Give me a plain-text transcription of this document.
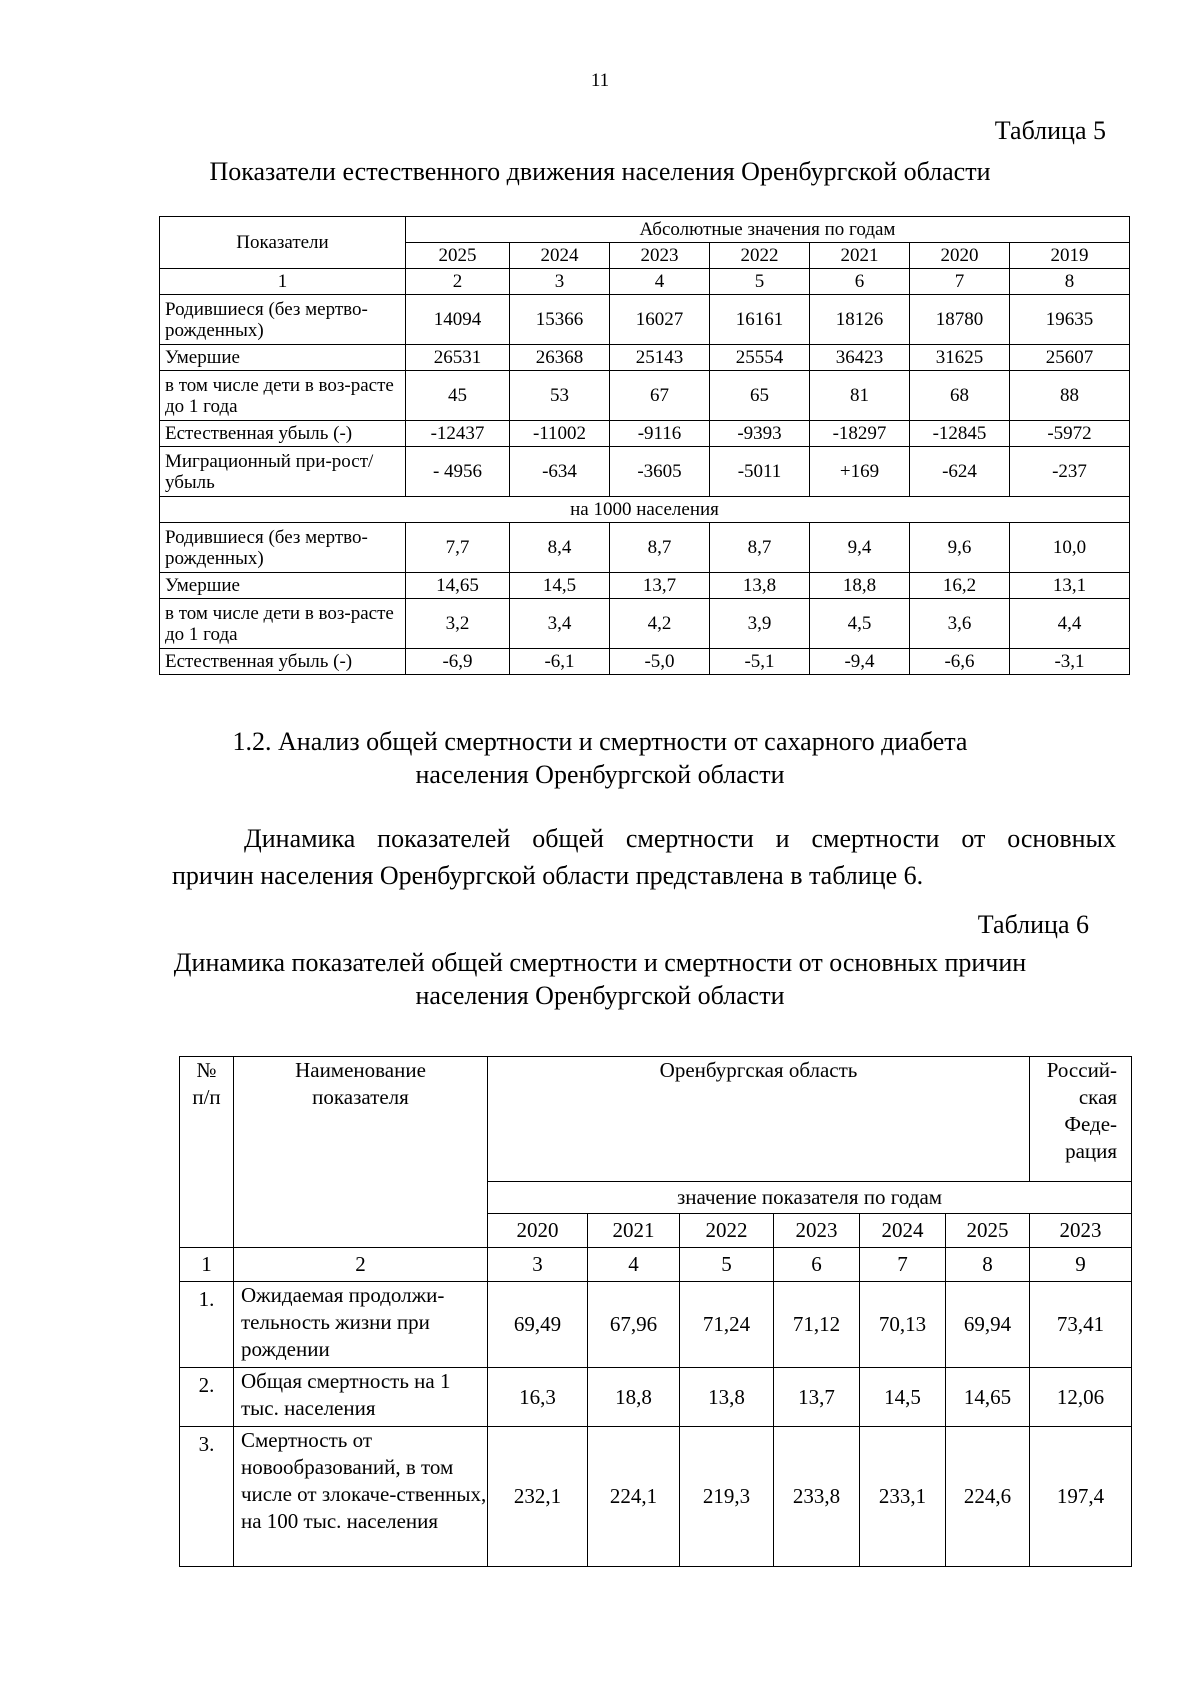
11
Таблица 5
Показатели естественного движения населения Оренбургской области
Показатели	Абсолютные значения по годам						
	2025	2024	2023	2022	2021	2020	2019
1	2	3	4	5	6	7	8
Родившиеся (без мертво-рожденных)	14094	15366	16027	16161	18126	18780	19635
Умершие	26531	26368	25143	25554	36423	31625	25607
в том числе дети в воз-расте до 1 года	45	53	67	65	81	68	88
Естественная убыль (-)	-12437	-11002	-9116	-9393	-18297	-12845	-5972
Миграционный при-рост/убыль	- 4956	-634	-3605	-5011	+169	-624	-237
на 1000 населения							
Родившиеся (без мертво-рожденных)	7,7	8,4	8,7	8,7	9,4	9,6	10,0
Умершие	14,65	14,5	13,7	13,8	18,8	16,2	13,1
в том числе дети в воз-расте до 1 года	3,2	3,4	4,2	3,9	4,5	3,6	4,4
Естественная убыль (-)	-6,9	-6,1	-5,0	-5,1	-9,4	-6,6	-3,1
1.2. Анализ общей смертности и смертности от сахарного диабета
населения Оренбургской области
Динамика показателей общей смертности и смертности от основных
причин населения Оренбургской области представлена в таблице 6.
Таблица 6
Динамика показателей общей смертности и смертности от основных причин
населения Оренбургской области
№ п/п	Наименование показателя	Оренбургская область						Россий-ская Феде-рация
		значение показателя по годам						
		2020	2021	2022	2023	2024	2025	2023
1	2	3	4	5	6	7	8	9
1.	Ожидаемая продолжи-тельность жизни при рождении	69,49	67,96	71,24	71,12	70,13	69,94	73,41
2.	Общая смертность на 1 тыс. населения	16,3	18,8	13,8	13,7	14,5	14,65	12,06
3.	Смертность от новообразований, в том числе от злокаче-ственных, на 100 тыс. населения	232,1	224,1	219,3	233,8	233,1	224,6	197,4
